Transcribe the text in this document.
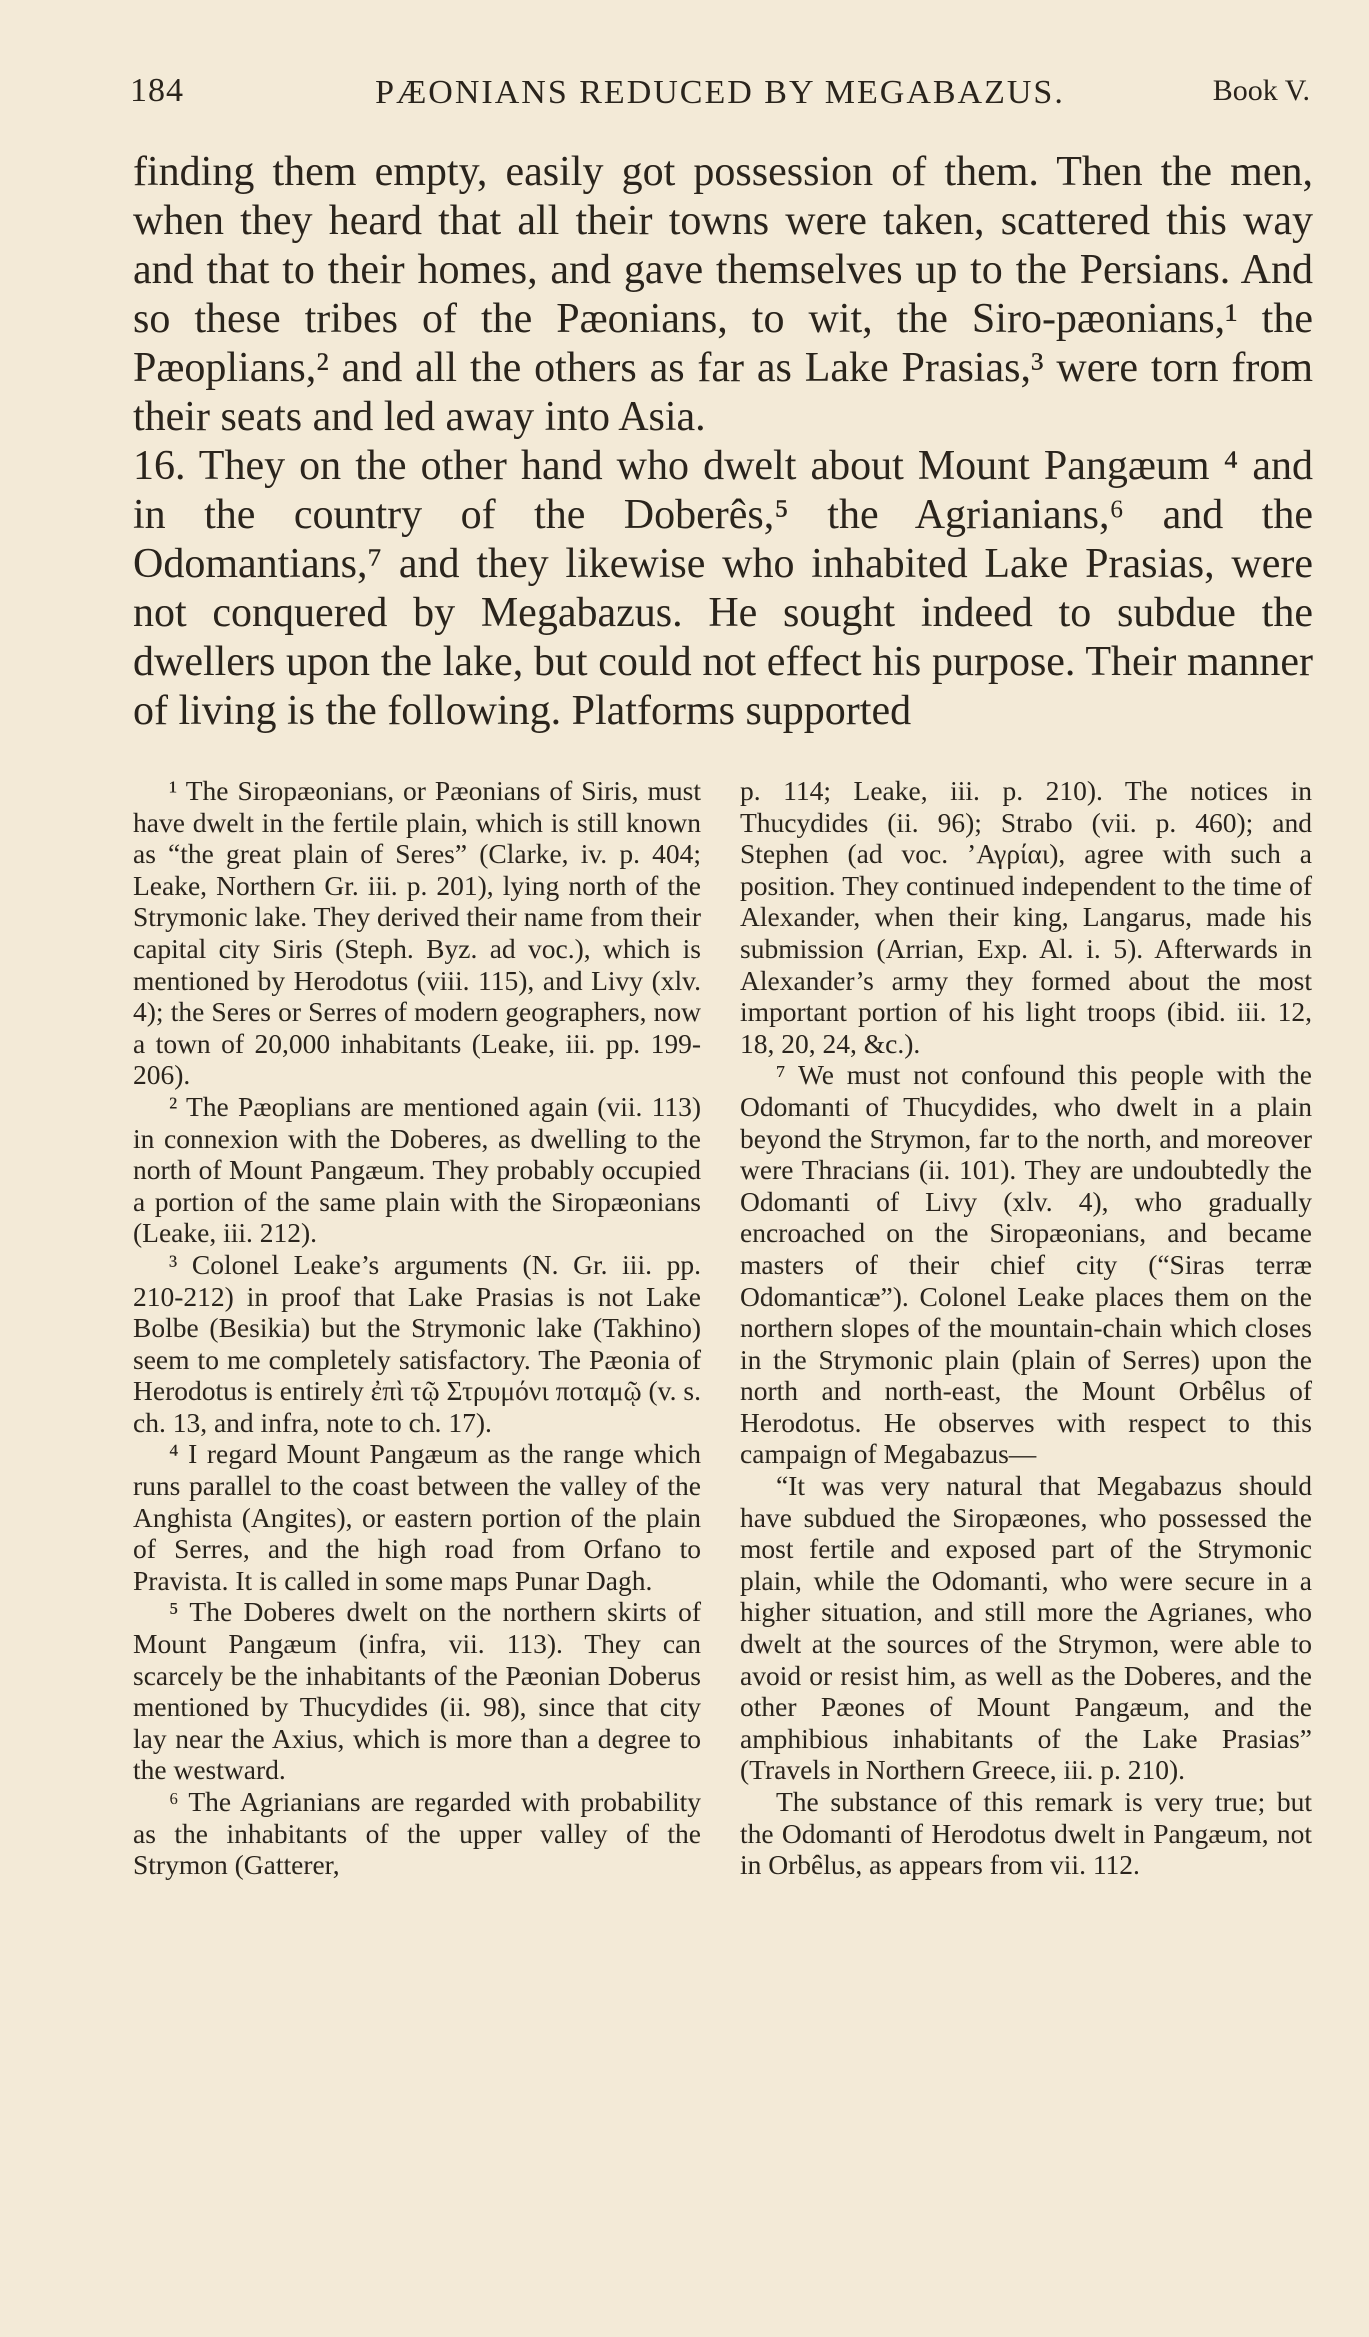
184	PÆONIANS REDUCED BY MEGABAZUS.	Book V.

finding them empty, easily got possession of them. Then the men, when they heard that all their towns were taken, scattered this way and that to their homes, and gave themselves up to the Persians. And so these tribes of the Pæonians, to wit, the Siro-pæonians,¹ the Pæoplians,² and all the others as far as Lake Prasias,³ were torn from their seats and led away into Asia.

16. They on the other hand who dwelt about Mount Pangæum ⁴ and in the country of the Doberês,⁵ the Agrianians,⁶ and the Odomantians,⁷ and they likewise who inhabited Lake Prasias, were not conquered by Megabazus. He sought indeed to subdue the dwellers upon the lake, but could not effect his purpose. Their manner of living is the following. Platforms supported

¹ The Siropæonians, or Pæonians of Siris, must have dwelt in the fertile plain, which is still known as “the great plain of Seres” (Clarke, iv. p. 404; Leake, Northern Gr. iii. p. 201), lying north of the Strymonic lake. They derived their name from their capital city Siris (Steph. Byz. ad voc.), which is mentioned by Herodotus (viii. 115), and Livy (xlv. 4); the Seres or Serres of modern geographers, now a town of 20,000 inhabitants (Leake, iii. pp. 199-206).

² The Pæoplians are mentioned again (vii. 113) in connexion with the Doberes, as dwelling to the north of Mount Pangæum. They probably occupied a portion of the same plain with the Siropæonians (Leake, iii. 212).

³ Colonel Leake’s arguments (N. Gr. iii. pp. 210-212) in proof that Lake Prasias is not Lake Bolbe (Besikia) but the Strymonic lake (Takhino) seem to me completely satisfactory. The Pæonia of Herodotus is entirely ἐπὶ τῷ Στρυμόνι ποταμῷ (v. s. ch. 13, and infra, note to ch. 17).

⁴ I regard Mount Pangæum as the range which runs parallel to the coast between the valley of the Anghista (Angites), or eastern portion of the plain of Serres, and the high road from Orfano to Pravista. It is called in some maps Punar Dagh.

⁵ The Doberes dwelt on the northern skirts of Mount Pangæum (infra, vii. 113). They can scarcely be the inhabitants of the Pæonian Doberus mentioned by Thucydides (ii. 98), since that city lay near the Axius, which is more than a degree to the westward.

⁶ The Agrianians are regarded with probability as the inhabitants of the upper valley of the Strymon (Gatterer,

p. 114; Leake, iii. p. 210). The notices in Thucydides (ii. 96); Strabo (vii. p. 460); and Stephen (ad voc. ’Αγρίαι), agree with such a position. They continued independent to the time of Alexander, when their king, Langarus, made his submission (Arrian, Exp. Al. i. 5). Afterwards in Alexander’s army they formed about the most important portion of his light troops (ibid. iii. 12, 18, 20, 24, &c.).

⁷ We must not confound this people with the Odomanti of Thucydides, who dwelt in a plain beyond the Strymon, far to the north, and moreover were Thracians (ii. 101). They are undoubtedly the Odomanti of Livy (xlv. 4), who gradually encroached on the Siropæonians, and became masters of their chief city (“Siras terræ Odomanticæ”). Colonel Leake places them on the northern slopes of the mountain-chain which closes in the Strymonic plain (plain of Serres) upon the north and north-east, the Mount Orbêlus of Herodotus. He observes with respect to this campaign of Megabazus—

“It was very natural that Megabazus should have subdued the Siropæones, who possessed the most fertile and exposed part of the Strymonic plain, while the Odomanti, who were secure in a higher situation, and still more the Agrianes, who dwelt at the sources of the Strymon, were able to avoid or resist him, as well as the Doberes, and the other Pæones of Mount Pangæum, and the amphibious inhabitants of the Lake Prasias” (Travels in Northern Greece, iii. p. 210).

The substance of this remark is very true; but the Odomanti of Herodotus dwelt in Pangæum, not in Orbêlus, as appears from vii. 112.
